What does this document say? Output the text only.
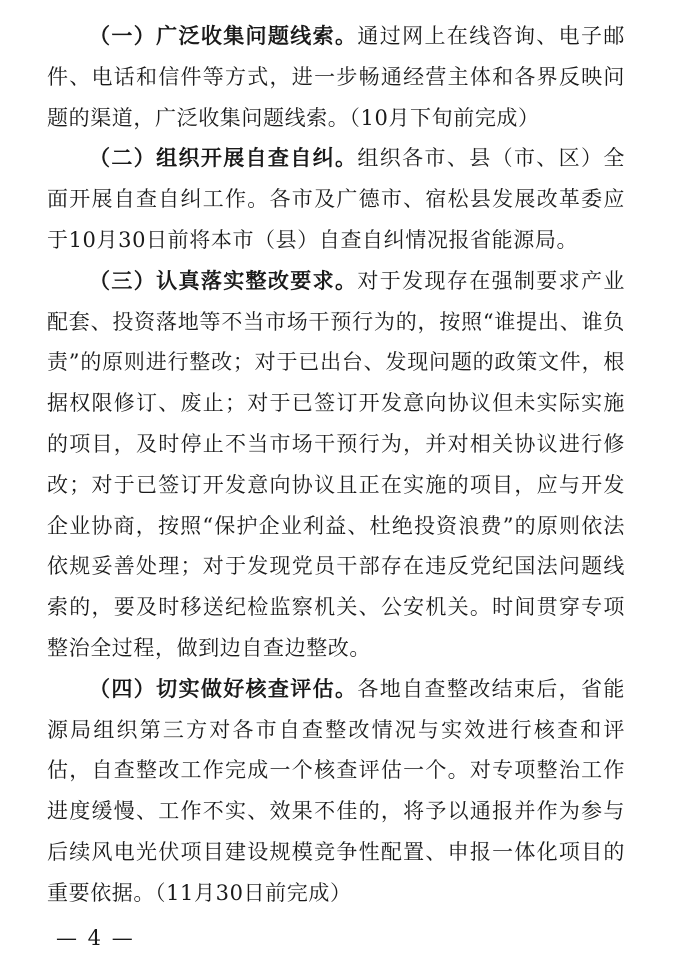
（一）广泛收集问题线索。通过网上在线咨询、电子邮件、电话和信件等方式，进一步畅通经营主体和各界反映问题的渠道，广泛收集问题线索。（10月下旬前完成）

（二）组织开展自查自纠。组织各市、县（市、区）全面开展自查自纠工作。各市及广德市、宿松县发展改革委应于10月30日前将本市（县）自查自纠情况报省能源局。

（三）认真落实整改要求。对于发现存在强制要求产业配套、投资落地等不当市场干预行为的，按照“谁提出、谁负责”的原则进行整改；对于已出台、发现问题的政策文件，根据权限修订、废止；对于已签订开发意向协议但未实际实施的项目，及时停止不当市场干预行为，并对相关协议进行修改；对于已签订开发意向协议且正在实施的项目，应与开发企业协商，按照“保护企业利益、杜绝投资浪费”的原则依法依规妥善处理；对于发现党员干部存在违反党纪国法问题线索的，要及时移送纪检监察机关、公安机关。时间贯穿专项整治全过程，做到边自查边整改。

（四）切实做好核查评估。各地自查整改结束后，省能源局组织第三方对各市自查整改情况与实效进行核查和评估，自查整改工作完成一个核查评估一个。对专项整治工作进度缓慢、工作不实、效果不佳的，将予以通报并作为参与后续风电光伏项目建设规模竞争性配置、申报一体化项目的重要依据。（11月30日前完成）

— 4 —
